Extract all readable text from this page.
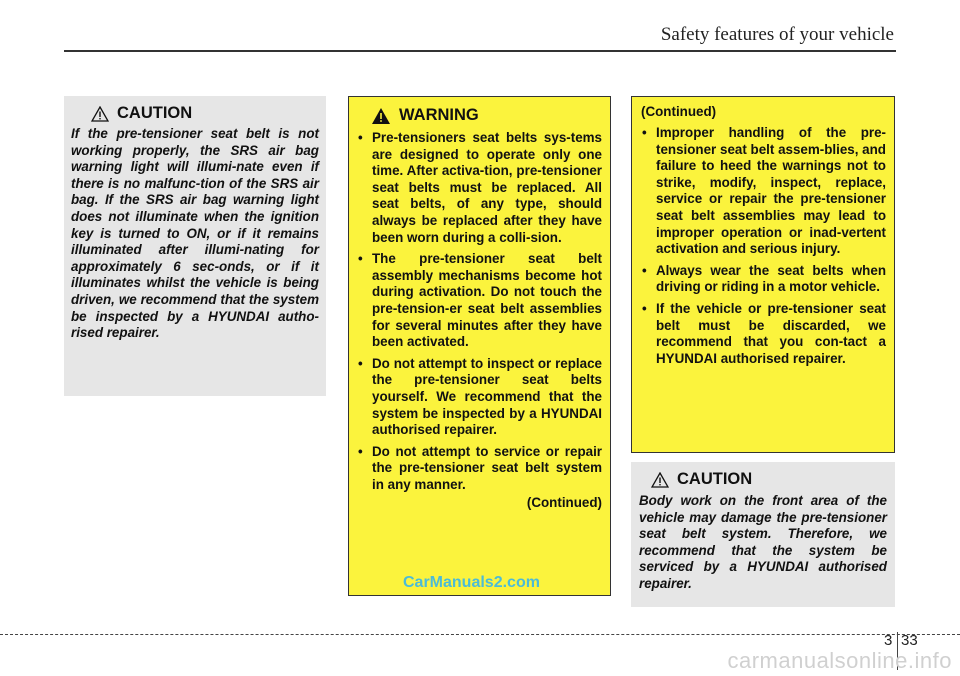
Safety features of your vehicle
CAUTION

If the pre-tensioner seat belt is not working properly, the SRS air bag warning light will illumi-nate even if there is no malfunc-tion of the SRS air bag. If the SRS air bag warning light does not illuminate when the ignition key is turned to ON, or if it remains illuminated after illumi-nating for approximately 6 sec-onds, or if it illuminates whilst the vehicle is being driven, we recommend that the system be inspected by a HYUNDAI autho-rised repairer.

WARNING
• Pre-tensioners seat belts sys-tems are designed to operate only one time. After activa-tion, pre-tensioner seat belts must be replaced. All seat belts, of any type, should always be replaced after they have been worn during a colli-sion.
• The pre-tensioner seat belt assembly mechanisms become hot during activation. Do not touch the pre-tension-er seat belt assemblies for several minutes after they have been activated.
• Do not attempt to inspect or replace the pre-tensioner seat belts yourself. We recommend that the system be inspected by a HYUNDAI authorised repairer.
• Do not attempt to service or repair the pre-tensioner seat belt system in any manner.
(Continued)
(Continued)
• Improper handling of the pre-tensioner seat belt assem-blies, and failure to heed the warnings not to strike, modify, inspect, replace, service or repair the pre-tensioner seat belt assemblies may lead to improper operation or inad-vertent activation and serious injury.
• Always wear the seat belts when driving or riding in a motor vehicle.
• If the vehicle or pre-tensioner seat belt must be discarded, we recommend that you con-tact a HYUNDAI authorised repairer.
CAUTION

Body work on the front area of the vehicle may damage the pre-tensioner seat belt system. Therefore, we recommend that the system be serviced by a HYUNDAI authorised repairer.

CarManuals2.com
3 33
carmanualsonline.info
